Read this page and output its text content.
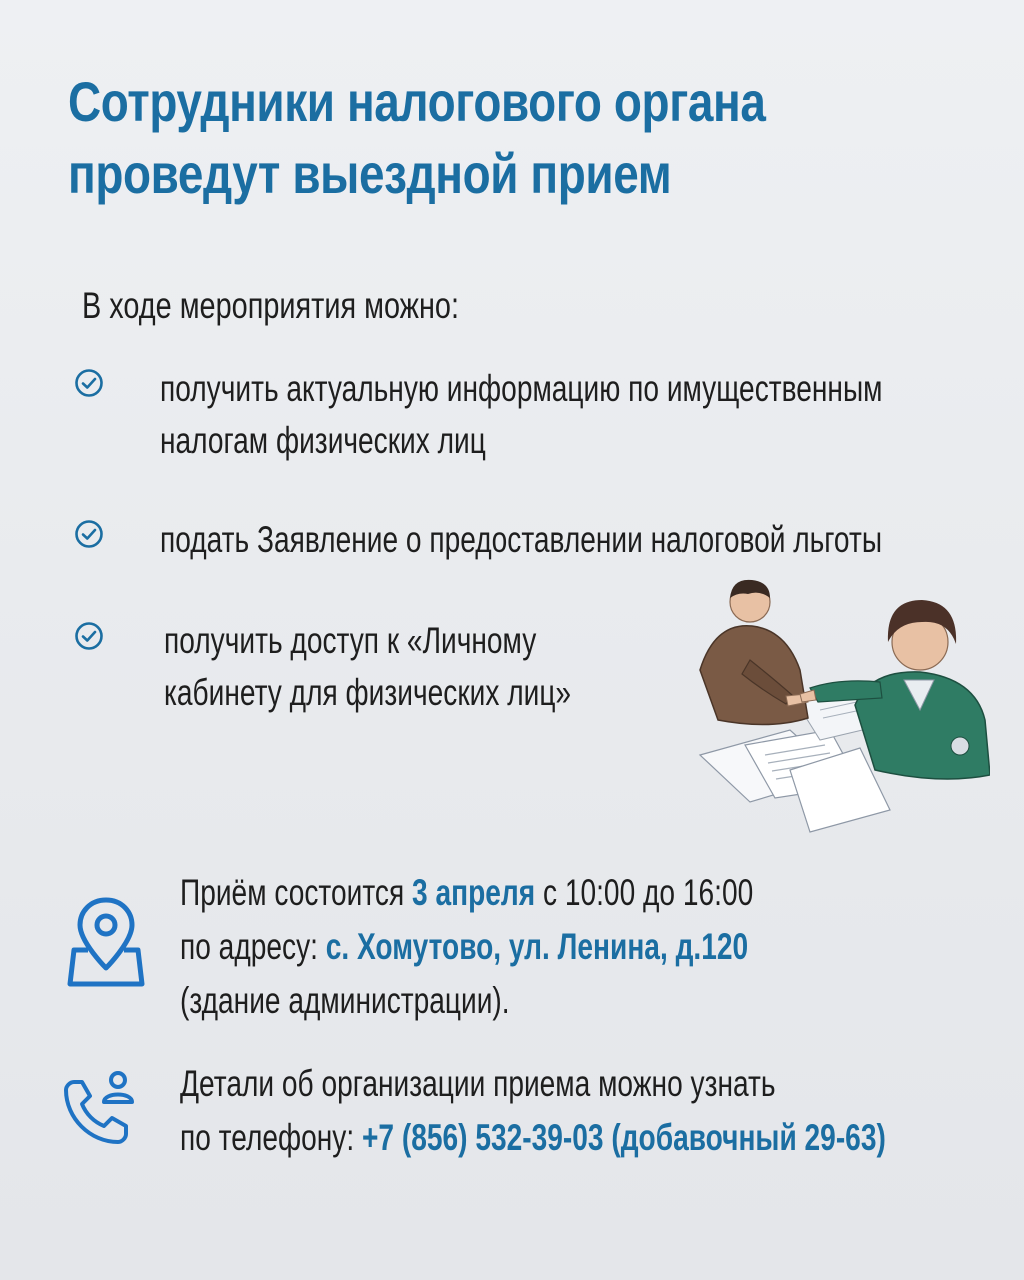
Сотрудники налогового органа
проведут выездной прием
В ходе мероприятия можно:
получить актуальную информацию по имущественным
налогам физических лиц
подать Заявление о предоставлении налоговой льготы
получить доступ к «Личному
кабинету для физических лиц»
Приём состоится 3 апреля с 10:00 до 16:00
по адресу: с. Хомутово, ул. Ленина, д.120
(здание администрации).
Детали об организации приема можно узнать
по телефону: +7 (856) 532-39-03 (добавочный 29-63)
